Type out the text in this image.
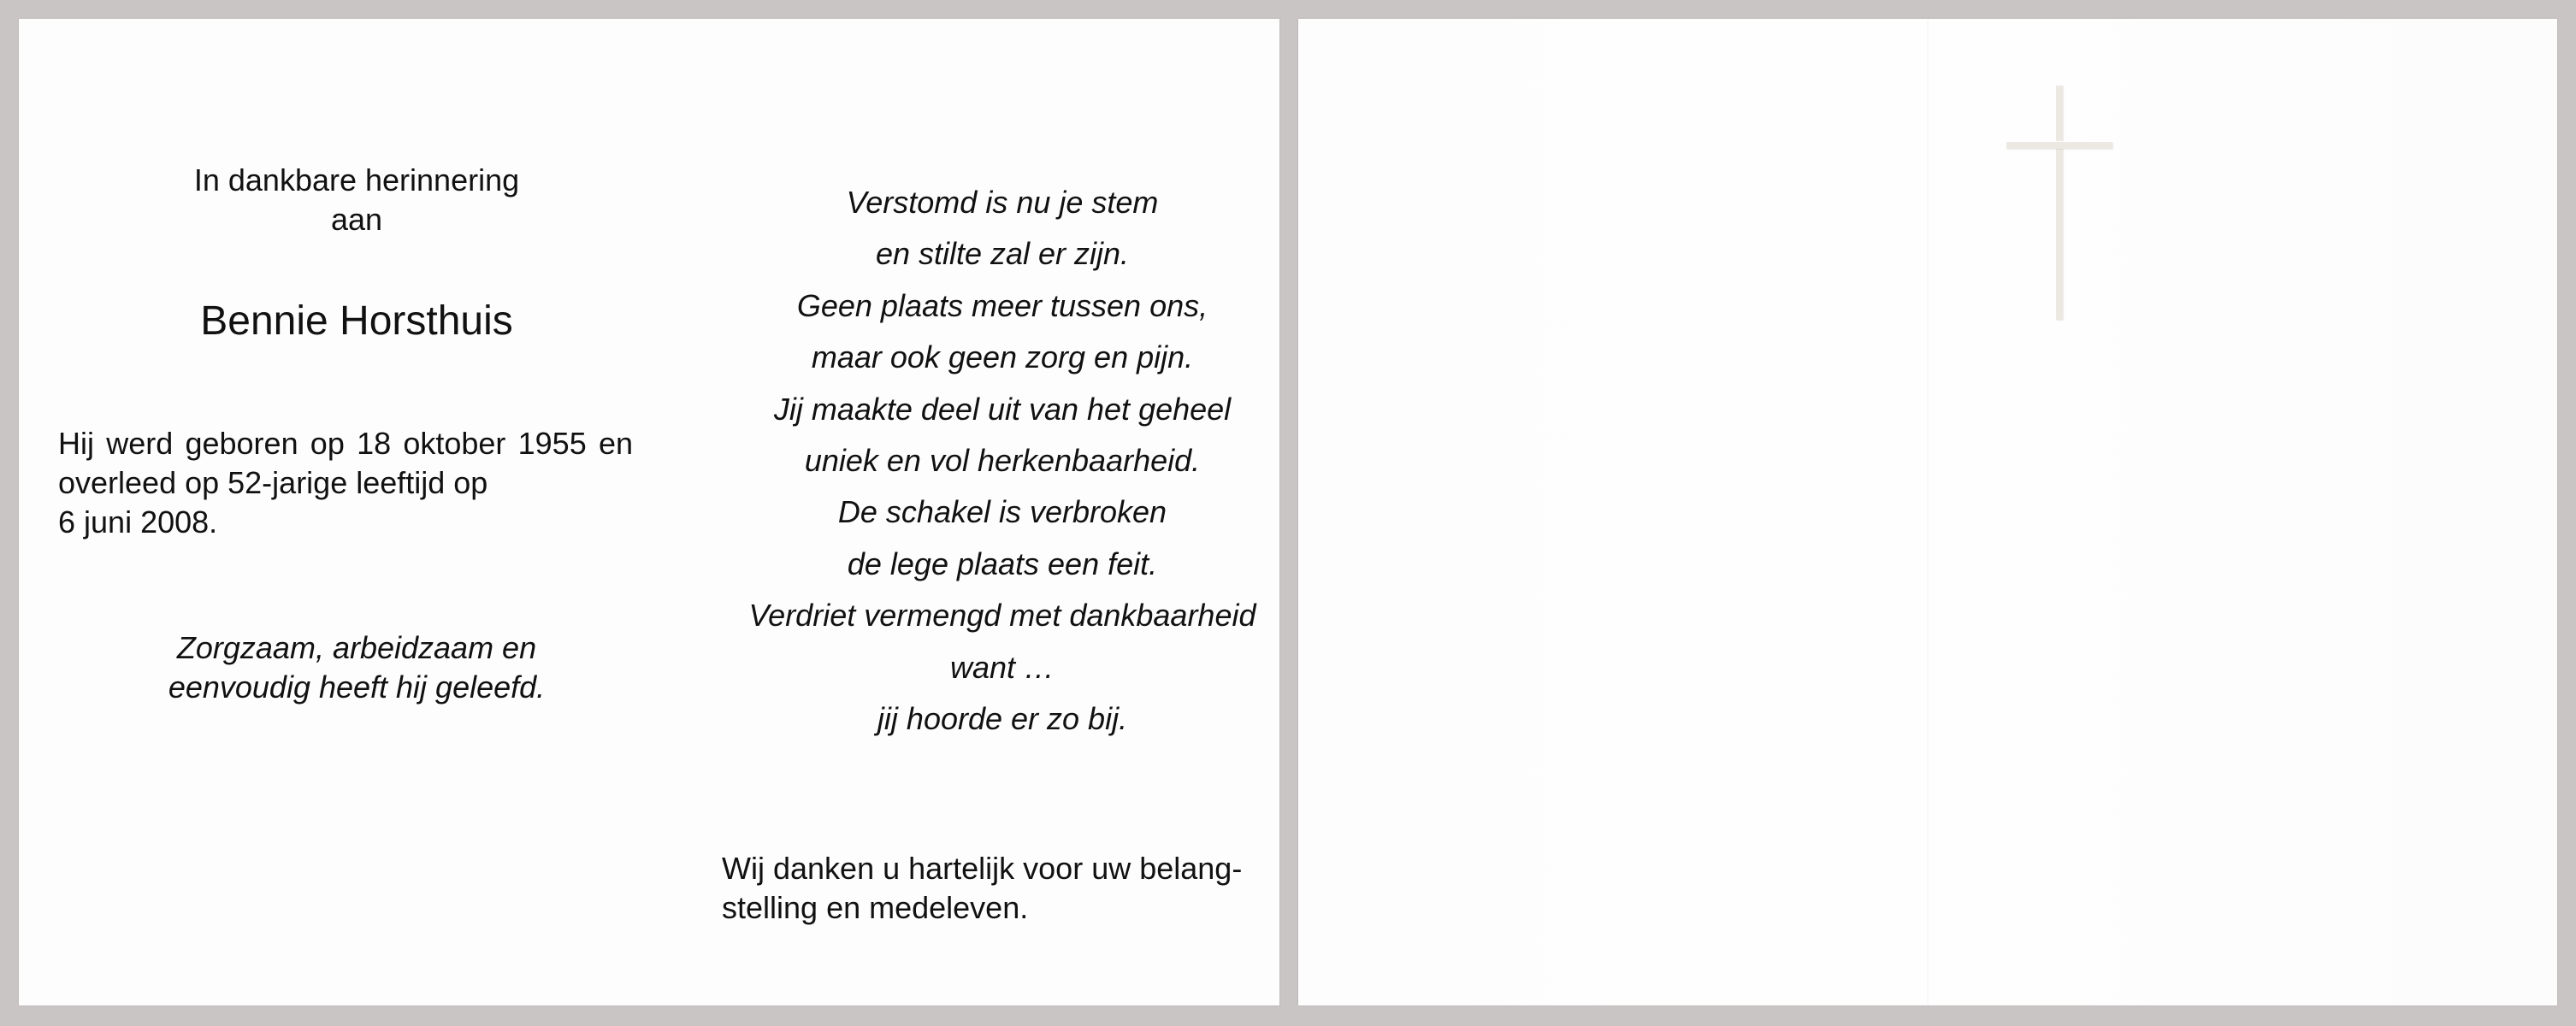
In dankbare herinnering
aan

Bennie Horsthuis

Hij werd geboren op 18 oktober 1955 en overleed op 52-jarige leeftijd op

6 juni 2008.

Zorgzaam, arbeidzaam en
eenvoudig heeft hij geleefd.

Verstomd is nu je stem
en stilte zal er zijn.
Geen plaats meer tussen ons,
maar ook geen zorg en pijn.
Jij maakte deel uit van het geheel
uniek en vol herkenbaarheid.
De schakel is verbroken
de lege plaats een feit.
Verdriet vermengd met dankbaarheid
want …
jij hoorde er zo bij.

Wij danken u hartelijk voor uw belang-
stelling en medeleven.
